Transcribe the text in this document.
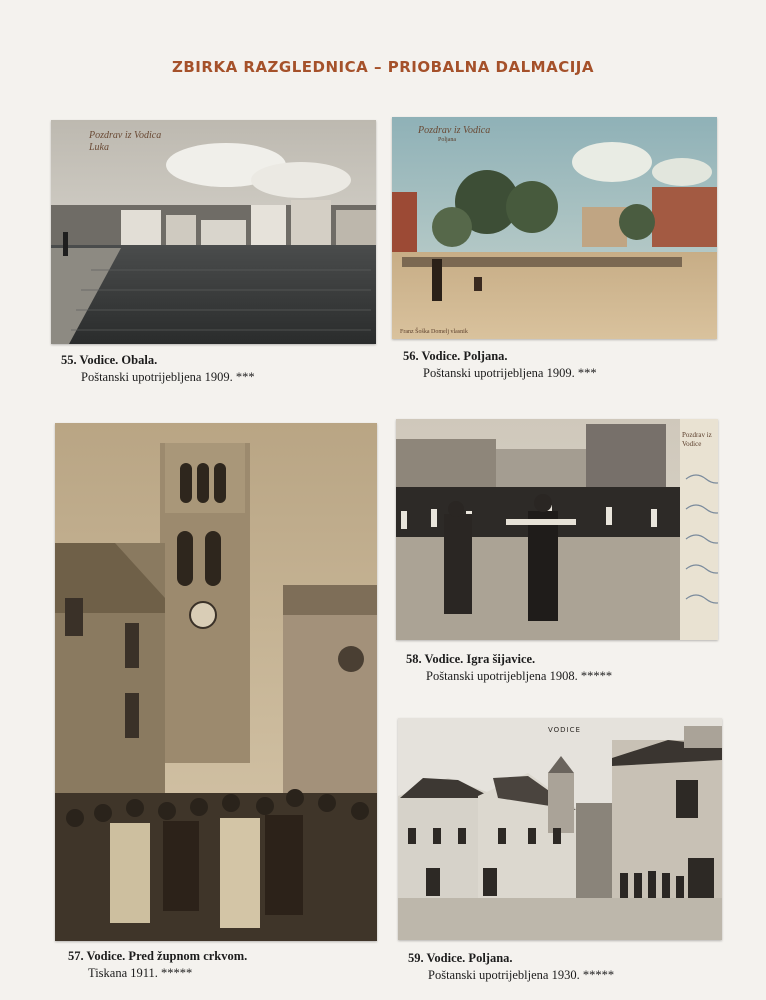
ZBIRKA RAZGLEDNICA – PRIOBALNA DALMACIJA
Pozdrav iz Vodica
Luka
55. Vodice. Obala.
Poštanski upotrijebljena 1909. ***
Pozdrav iz Vodica
Poljana
Franz Šoška Domelj vlasnik
56. Vodice. Poljana.
Poštanski upotrijebljena 1909. ***
57. Vodice. Pred župnom crkvom.
Tiskana 1911. *****
Pozdrav iz Vodice
58. Vodice. Igra šijavice.
Poštanski upotrijebljena 1908. *****
VODICE
59. Vodice. Poljana.
Poštanski upotrijebljena 1930. *****
